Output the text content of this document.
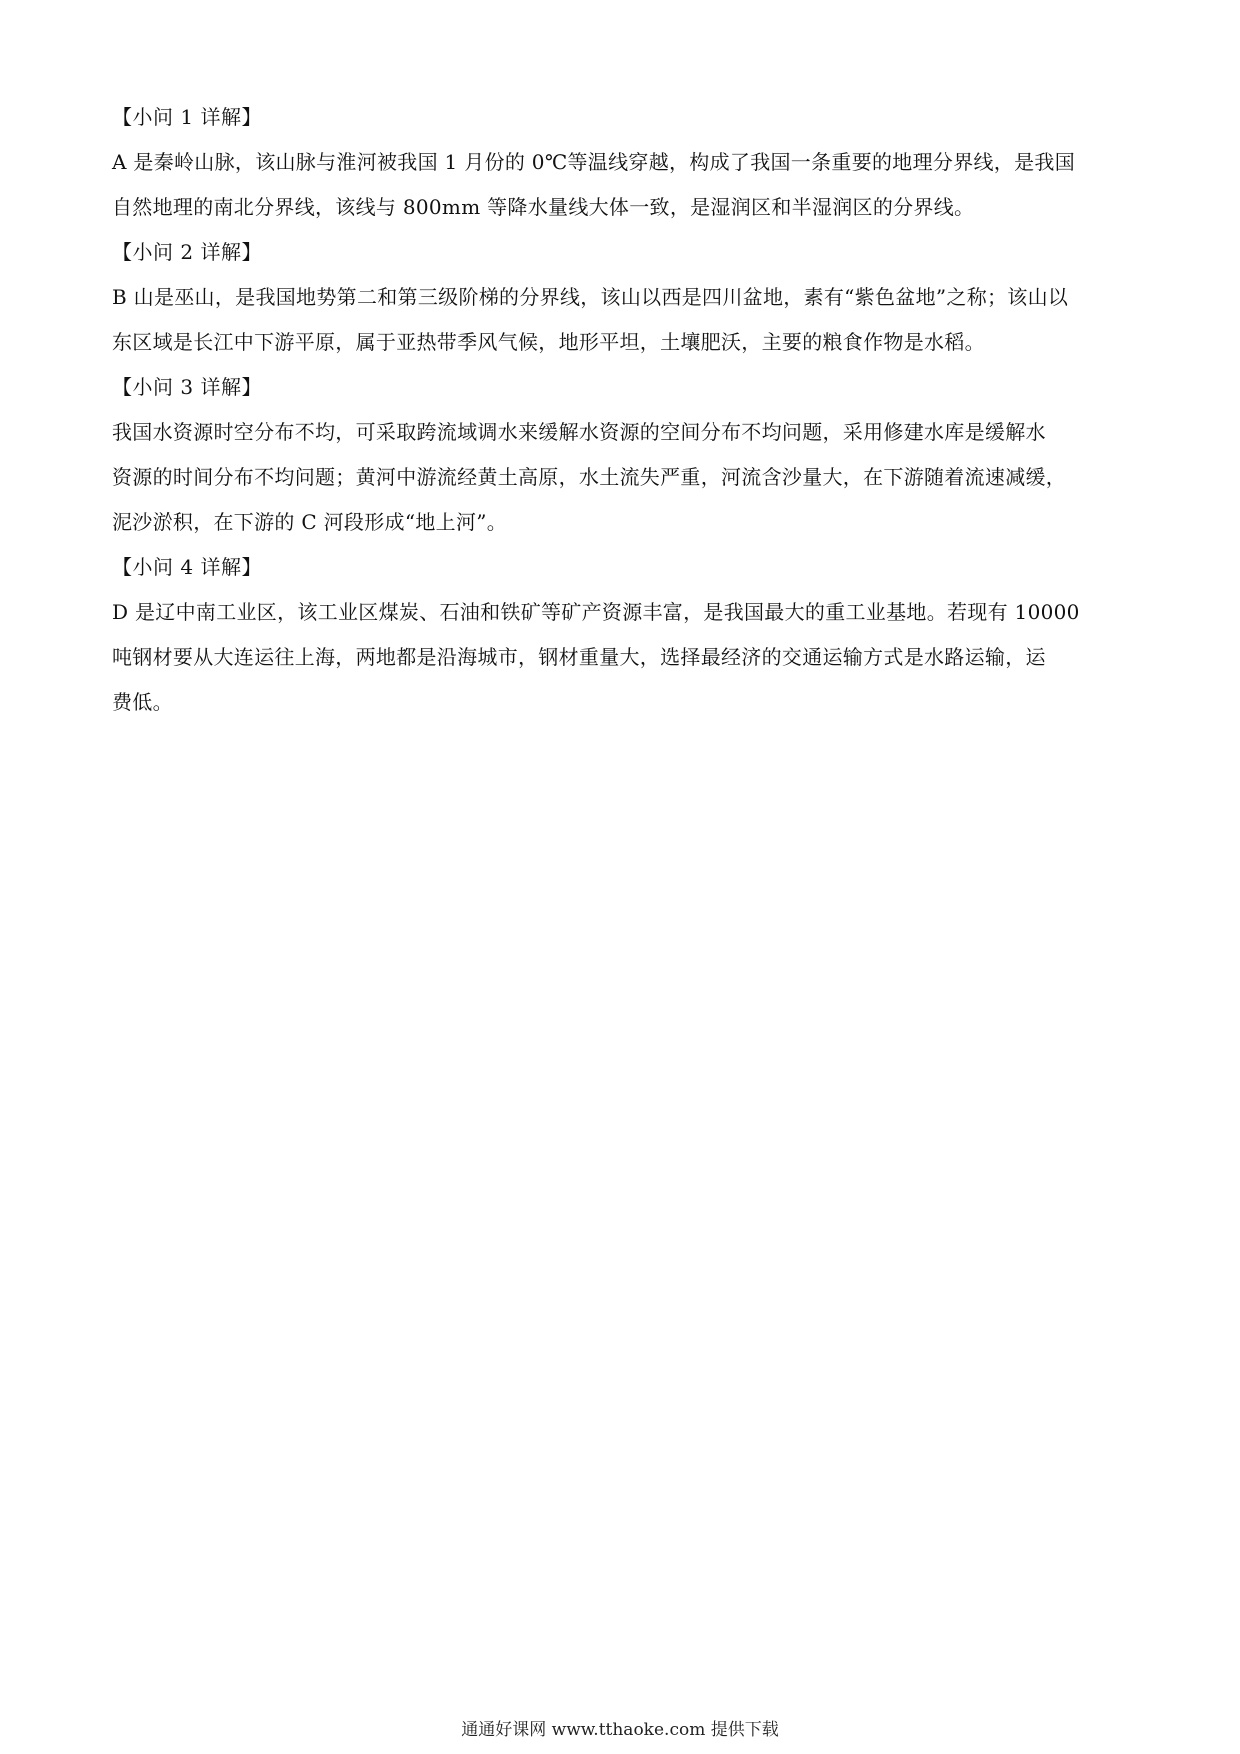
【小问 1 详解】
A 是秦岭山脉，该山脉与淮河被我国 1 月份的 0℃等温线穿越，构成了我国一条重要的地理分界线，是我国
自然地理的南北分界线，该线与 800mm 等降水量线大体一致，是湿润区和半湿润区的分界线。
【小问 2 详解】
B 山是巫山，是我国地势第二和第三级阶梯的分界线，该山以西是四川盆地，素有“紫色盆地”之称；该山以
东区域是长江中下游平原，属于亚热带季风气候，地形平坦，土壤肥沃，主要的粮食作物是水稻。
【小问 3 详解】
我国水资源时空分布不均，可采取跨流域调水来缓解水资源的空间分布不均问题，采用修建水库是缓解水
资源的时间分布不均问题；黄河中游流经黄土高原，水土流失严重，河流含沙量大，在下游随着流速减缓，
泥沙淤积，在下游的 C 河段形成“地上河”。
【小问 4 详解】
D 是辽中南工业区，该工业区煤炭、石油和铁矿等矿产资源丰富，是我国最大的重工业基地。若现有 10000
吨钢材要从大连运往上海，两地都是沿海城市，钢材重量大，选择最经济的交通运输方式是水路运输，运
费低。
通通好课网 www.tthaoke.com 提供下载
